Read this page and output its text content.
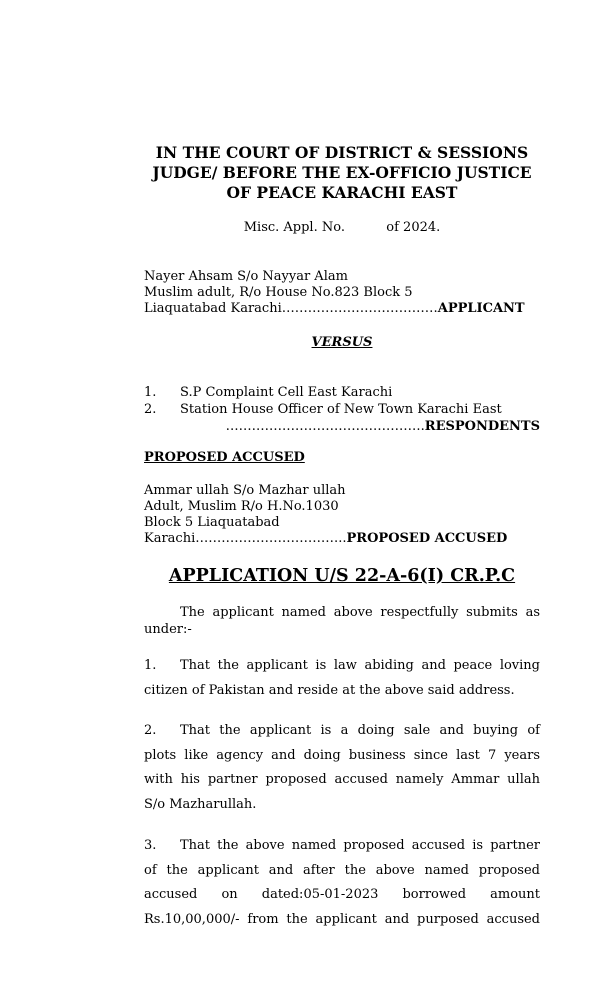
IN THE COURT OF DISTRICT & SESSIONS
JUDGE/ BEFORE THE EX-OFFICIO JUSTICE
OF PEACE KARACHI EAST
Misc. Appl. No.          of 2024.
Nayer Ahsam S/o Nayyar Alam
Muslim adult, R/o House No.823 Block 5
Liaquatabad Karachi………………………………APPLICANT
VERSUS
1.	S.P Complaint Cell East Karachi
2.	Station House Officer of New Town Karachi East
……………………………………….RESPONDENTS
PROPOSED ACCUSED
Ammar ullah S/o Mazhar ullah
Adult, Muslim R/o H.No.1030
Block 5 Liaquatabad
Karachi……………………………..PROPOSED ACCUSED
APPLICATION U/S 22-A-6(I) CR.P.C
The applicant named above respectfully submits as
under:-
1. That the applicant is law abiding and peace loving
citizen of Pakistan and reside at the above said address.
2. That the applicant is a doing sale and buying of
plots like agency and doing business since last 7 years
with his partner proposed accused namely Ammar ullah
S/o Mazharullah.
3. That the above named proposed accused is partner
of the applicant and after the above named proposed
accused on dated:05-01-2023 borrowed amount
Rs.10,00,000/- from the applicant and purposed accused
